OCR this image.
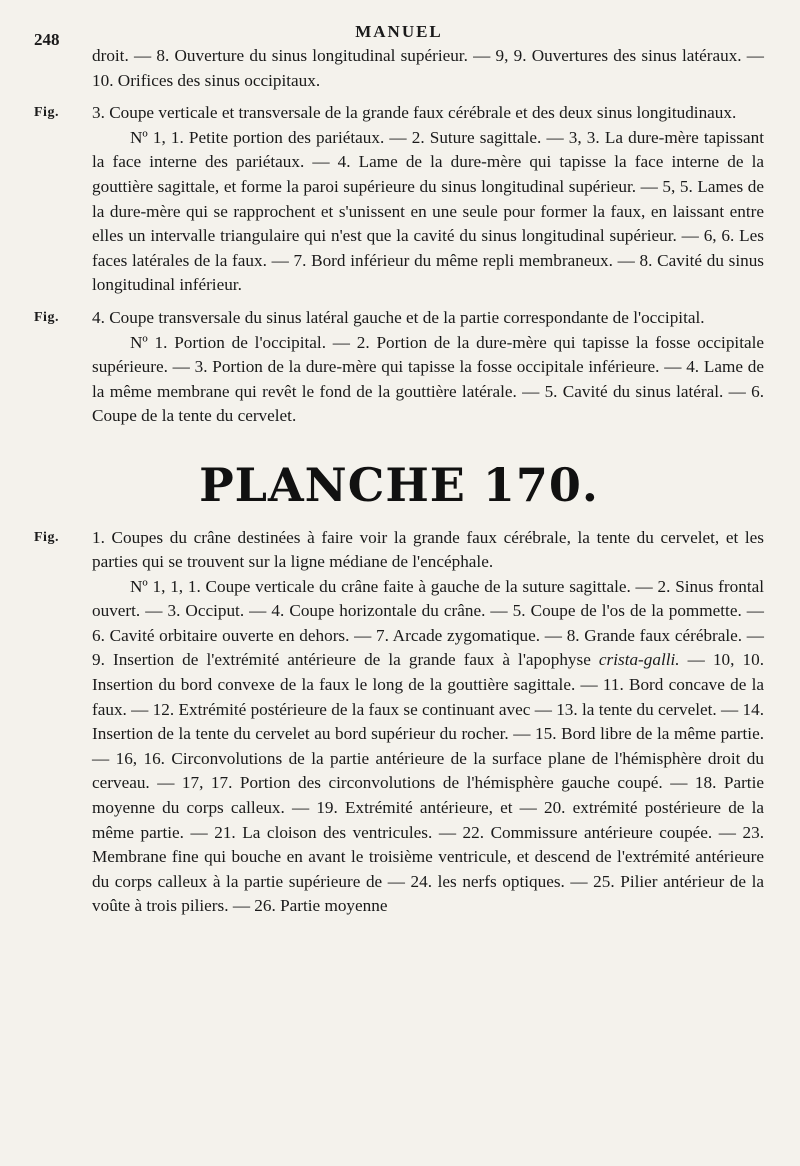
248	MANUEL

droit. — 8. Ouverture du sinus longitudinal supérieur. — 9, 9. Ouvertures des sinus latéraux. — 10. Orifices des sinus occipitaux.

Fig.	3. Coupe verticale et transversale de la grande faux cérébrale et des deux sinus longitudinaux.

Nº 1, 1. Petite portion des pariétaux. — 2. Suture sagittale. — 3, 3. La dure-mère tapissant la face interne des pariétaux. — 4. Lame de la dure-mère qui tapisse la face interne de la gouttière sagittale, et forme la paroi supérieure du sinus longitudinal supérieur. — 5, 5. Lames de la dure-mère qui se rapprochent et s'unissent en une seule pour former la faux, en laissant entre elles un intervalle triangulaire qui n'est que la cavité du sinus longitudinal supérieur. — 6, 6. Les faces latérales de la faux. — 7. Bord inférieur du même repli membraneux. — 8. Cavité du sinus longitudinal inférieur.

Fig.	4. Coupe transversale du sinus latéral gauche et de la partie correspondante de l'occipital.

Nº 1. Portion de l'occipital. — 2. Portion de la dure-mère qui tapisse la fosse occipitale supérieure. — 3. Portion de la dure-mère qui tapisse la fosse occipitale inférieure. — 4. Lame de la même membrane qui revêt le fond de la gouttière latérale. — 5. Cavité du sinus latéral. — 6. Coupe de la tente du cervelet.

PLANCHE 170.
Fig.	1. Coupes du crâne destinées à faire voir la grande faux cérébrale, la tente du cervelet, et les parties qui se trouvent sur la ligne médiane de l'encéphale.

Nº 1, 1, 1. Coupe verticale du crâne faite à gauche de la suture sagittale. — 2. Sinus frontal ouvert. — 3. Occiput. — 4. Coupe horizontale du crâne. — 5. Coupe de l'os de la pommette. — 6. Cavité orbitaire ouverte en dehors. — 7. Arcade zygomatique. — 8. Grande faux cérébrale. — 9. Insertion de l'extrémité antérieure de la grande faux à l'apophyse crista-galli. — 10, 10. Insertion du bord convexe de la faux le long de la gouttière sagittale. — 11. Bord concave de la faux. — 12. Extrémité postérieure de la faux se continuant avec — 13. la tente du cervelet. — 14. Insertion de la tente du cervelet au bord supérieur du rocher. — 15. Bord libre de la même partie. — 16, 16. Circonvolutions de la partie antérieure de la surface plane de l'hémisphère droit du cerveau. — 17, 17. Portion des circonvolutions de l'hémisphère gauche coupé. — 18. Partie moyenne du corps calleux. — 19. Extrémité antérieure, et — 20. extrémité postérieure de la même partie. — 21. La cloison des ventricules. — 22. Commissure antérieure coupée. — 23. Membrane fine qui bouche en avant le troisième ventricule, et descend de l'extrémité antérieure du corps calleux à la partie supérieure de — 24. les nerfs optiques. — 25. Pilier antérieur de la voûte à trois piliers. — 26. Partie moyenne
